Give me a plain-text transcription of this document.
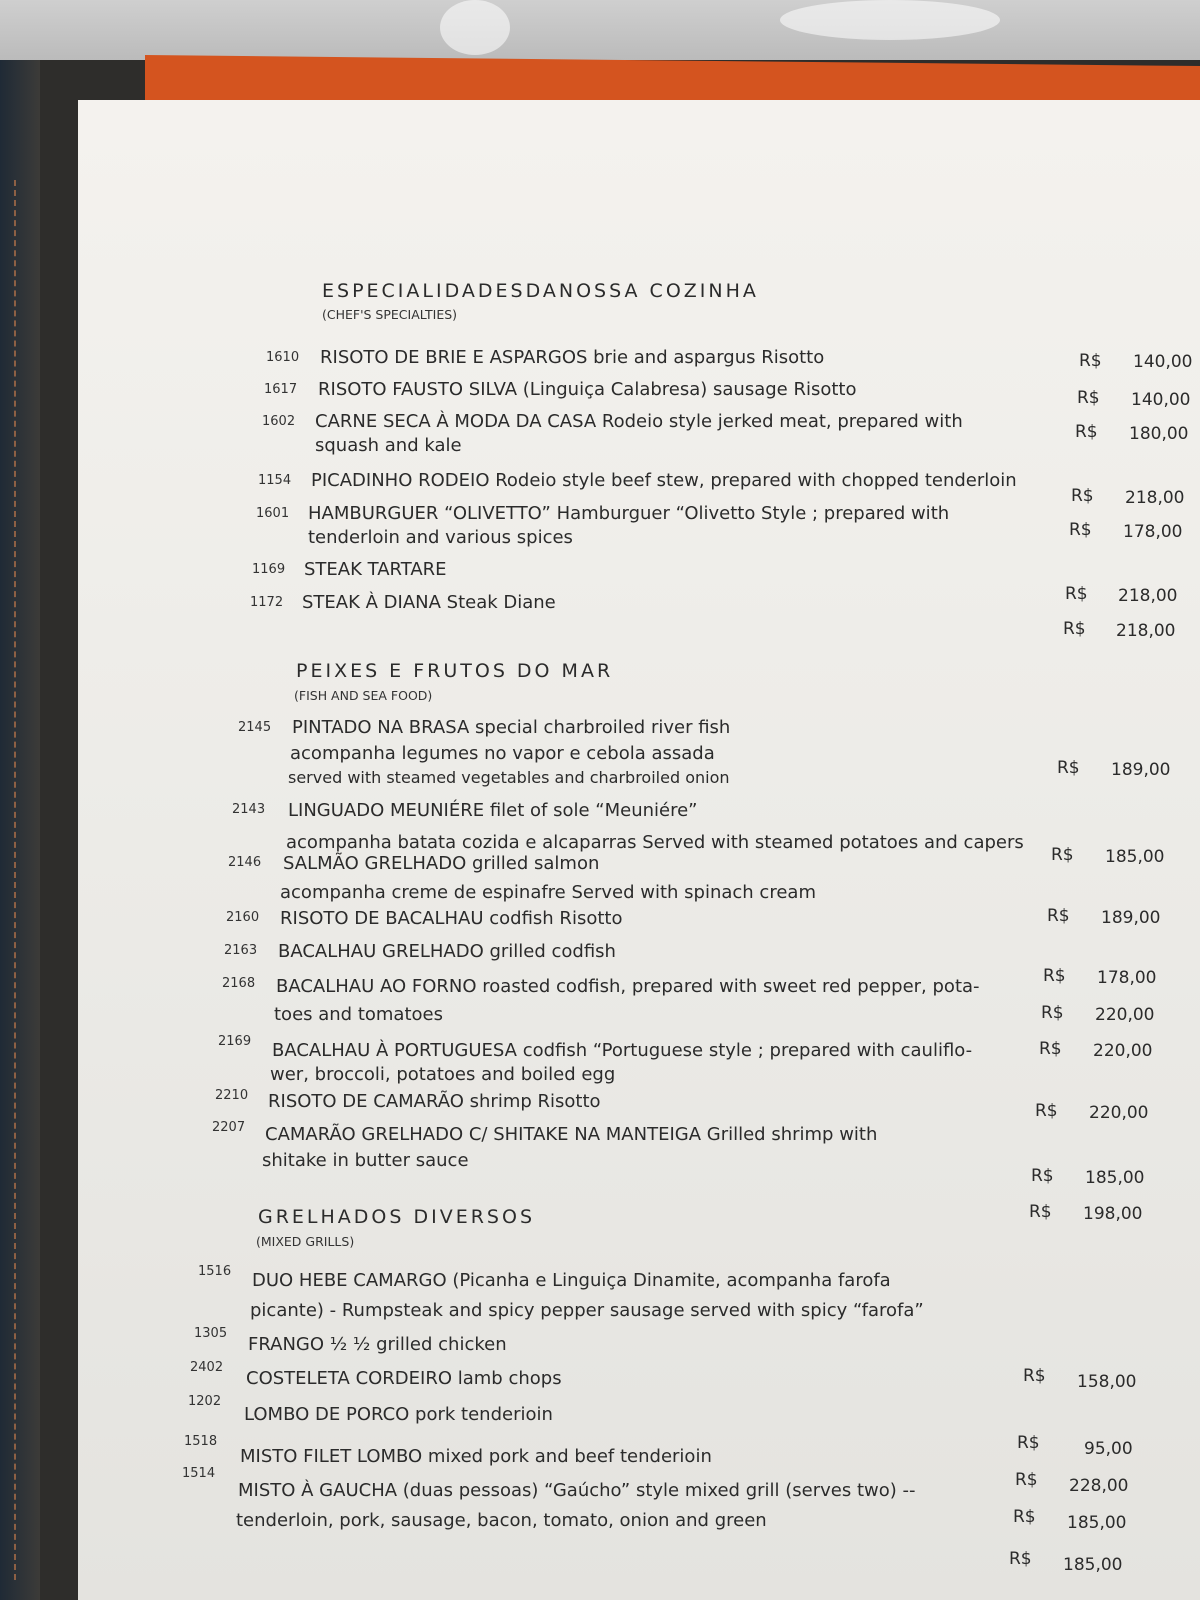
ESPECIALIDADESDANOSSA COZINHA
(CHEF'S SPECIALTIES)
1610 RISOTO DE BRIE E ASPARGOS brie and aspargus Risotto
1617 RISOTO FAUSTO SILVA (Linguiça Calabresa) sausage Risotto
1602 CARNE SECA À MODA DA CASA Rodeio style jerked meat, prepared with
squash and kale
1154 PICADINHO RODEIO Rodeio style beef stew, prepared with chopped tenderloin
1601 HAMBURGUER “OLIVETTO” Hamburguer “Olivetto Style ; prepared with
tenderloin and various spices
1169 STEAK TARTARE
1172 STEAK À DIANA Steak Diane
R$ 140,00
R$ 140,00
R$ 180,00
R$ 218,00
R$ 178,00
R$ 218,00
R$ 218,00
PEIXES E FRUTOS DO MAR
(FISH AND SEA FOOD)
2145 PINTADO NA BRASA special charbroiled river fish
acompanha legumes no vapor e cebola assada
served with steamed vegetables and charbroiled onion
2143 LINGUADO MEUNIÉRE filet of sole “Meuniére”
acompanha batata cozida e alcaparras Served with steamed potatoes and capers
2146 SALMÃO GRELHADO grilled salmon
acompanha creme de espinafre Served with spinach cream
2160 RISOTO DE BACALHAU codfish Risotto
2163 BACALHAU GRELHADO grilled codfish
2168 BACALHAU AO FORNO roasted codfish, prepared with sweet red pepper, pota-
toes and tomatoes
2169 BACALHAU À PORTUGUESA codfish “Portuguese style ; prepared with cauliflo-
wer, broccoli, potatoes and boiled egg
2210 RISOTO DE CAMARÃO shrimp Risotto
2207 CAMARÃO GRELHADO C/ SHITAKE NA MANTEIGA Grilled shrimp with
shitake in butter sauce
R$ 189,00
R$ 185,00
R$ 189,00
R$ 178,00
R$ 220,00
R$ 220,00
R$ 220,00
R$ 185,00
R$ 198,00
GRELHADOS DIVERSOS
(MIXED GRILLS)
1516 DUO HEBE CAMARGO (Picanha e Linguiça Dinamite, acompanha farofa
picante) - Rumpsteak and spicy pepper sausage served with spicy “farofa”
1305
FRANGO ½ ½ grilled chicken
2402
COSTELETA CORDEIRO lamb chops
1202
LOMBO DE PORCO pork tenderioin
1518
MISTO FILET LOMBO mixed pork and beef tenderioin
1514
MISTO À GAUCHA (duas pessoas) “Gaúcho” style mixed grill (serves two) --
tenderloin, pork, sausage, bacon, tomato, onion and green
R$ 158,00
R$	95,00
R$ 228,00
R$ 185,00
R$ 185,00
